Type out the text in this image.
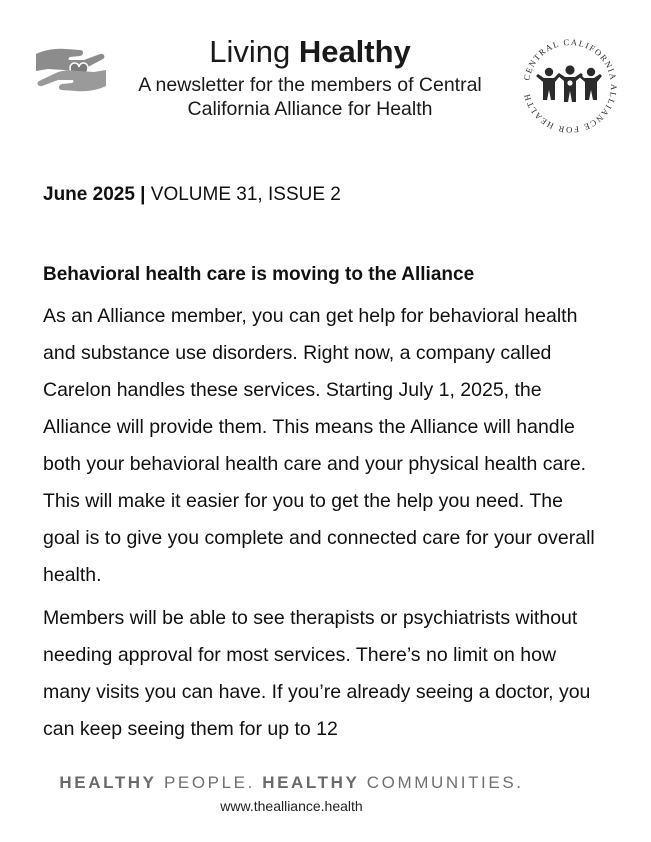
Living Healthy
A newsletter for the members of Central
California Alliance for Health
CENTRAL CALIFORNIA ALLIANCE FOR HEALTH
June 2025 | VOLUME 31, ISSUE 2
Behavioral health care is moving to the Alliance

As an Alliance member, you can get help for behavioral health and substance use disorders. Right now, a company called Carelon handles these services. Starting July 1, 2025, the Alliance will provide them. This means the Alliance will handle both your behavioral health care and your physical health care. This will make it easier for you to get the help you need. The goal is to give you complete and connected care for your overall health.

Members will be able to see therapists or psychiatrists without needing approval for most services. There’s no limit on how many visits you can have. If you’re already seeing a doctor, you can keep seeing them for up to 12

HEALTHY PEOPLE. HEALTHY COMMUNITIES.
www.thealliance.health
